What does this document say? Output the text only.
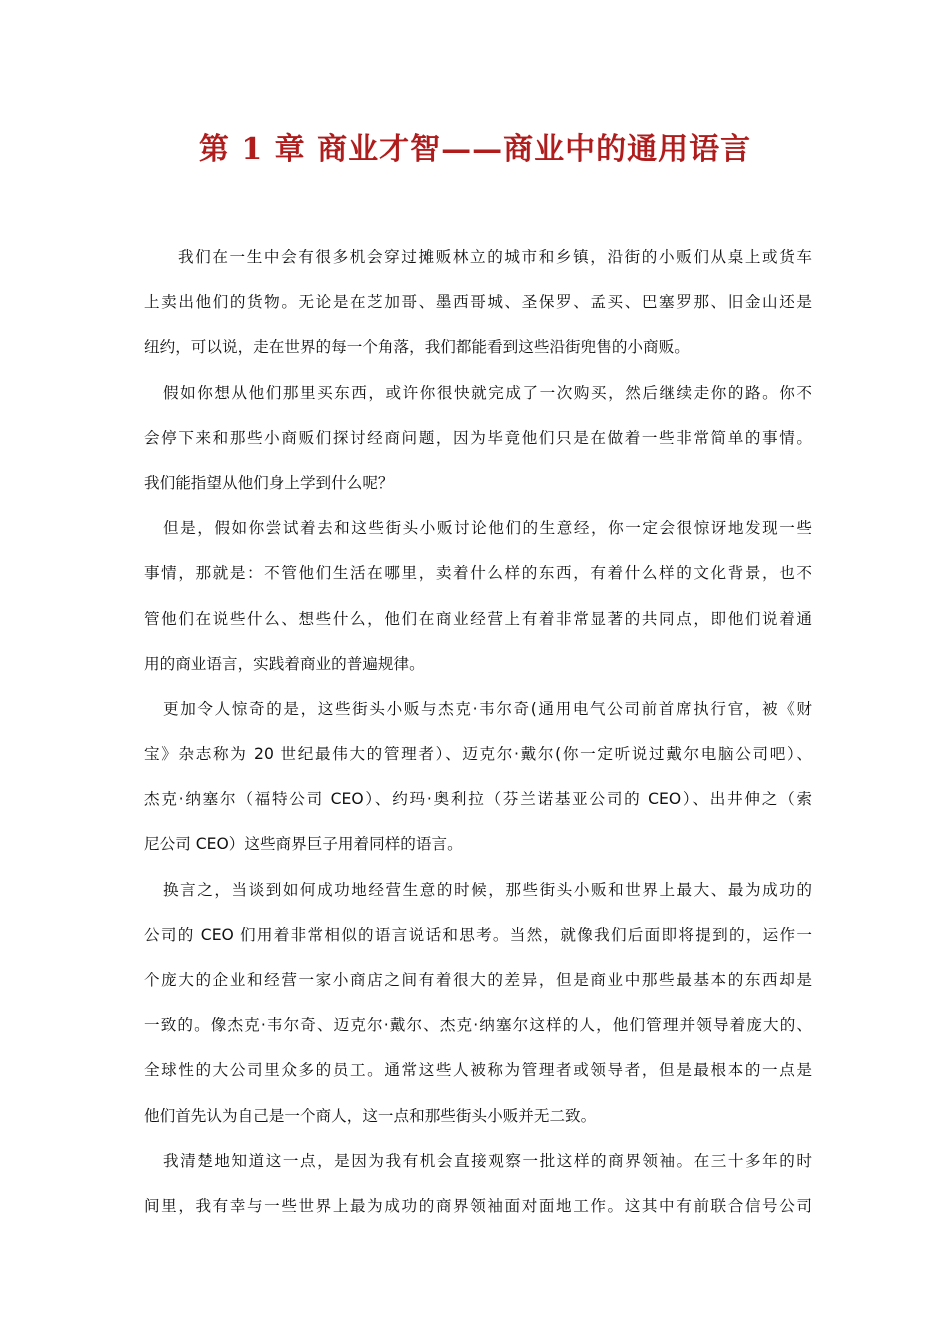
第 1 章 商业才智——商业中的通用语言
我们在一生中会有很多机会穿过摊贩林立的城市和乡镇，沿街的小贩们从桌上或货车
上卖出他们的货物。无论是在芝加哥、墨西哥城、圣保罗、孟买、巴塞罗那、旧金山还是
纽约，可以说，走在世界的每一个角落，我们都能看到这些沿街兜售的小商贩。
假如你想从他们那里买东西，或许你很快就完成了一次购买，然后继续走你的路。你不
会停下来和那些小商贩们探讨经商问题，因为毕竟他们只是在做着一些非常简单的事情。
我们能指望从他们身上学到什么呢？
但是，假如你尝试着去和这些街头小贩讨论他们的生意经，你一定会很惊讶地发现一些
事情，那就是：不管他们生活在哪里，卖着什么样的东西，有着什么样的文化背景，也不
管他们在说些什么、想些什么，他们在商业经营上有着非常显著的共同点，即他们说着通
用的商业语言，实践着商业的普遍规律。
更加令人惊奇的是，这些街头小贩与杰克·韦尔奇(通用电气公司前首席执行官，被《财
宝》杂志称为 20 世纪最伟大的管理者）、迈克尔·戴尔(你一定听说过戴尔电脑公司吧）、
杰克·纳塞尔（福特公司 CEO）、约玛·奥利拉（芬兰诺基亚公司的 CEO）、出井伸之（索
尼公司 CEO）这些商界巨子用着同样的语言。
换言之，当谈到如何成功地经营生意的时候，那些街头小贩和世界上最大、最为成功的
公司的 CEO 们用着非常相似的语言说话和思考。当然，就像我们后面即将提到的，运作一
个庞大的企业和经营一家小商店之间有着很大的差异，但是商业中那些最基本的东西却是
一致的。像杰克·韦尔奇、迈克尔·戴尔、杰克·纳塞尔这样的人，他们管理并领导着庞大的、
全球性的大公司里众多的员工。通常这些人被称为管理者或领导者，但是最根本的一点是
他们首先认为自己是一个商人，这一点和那些街头小贩并无二致。
我清楚地知道这一点，是因为我有机会直接观察一批这样的商界领袖。在三十多年的时
间里，我有幸与一些世界上最为成功的商界领袖面对面地工作。这其中有前联合信号公司
